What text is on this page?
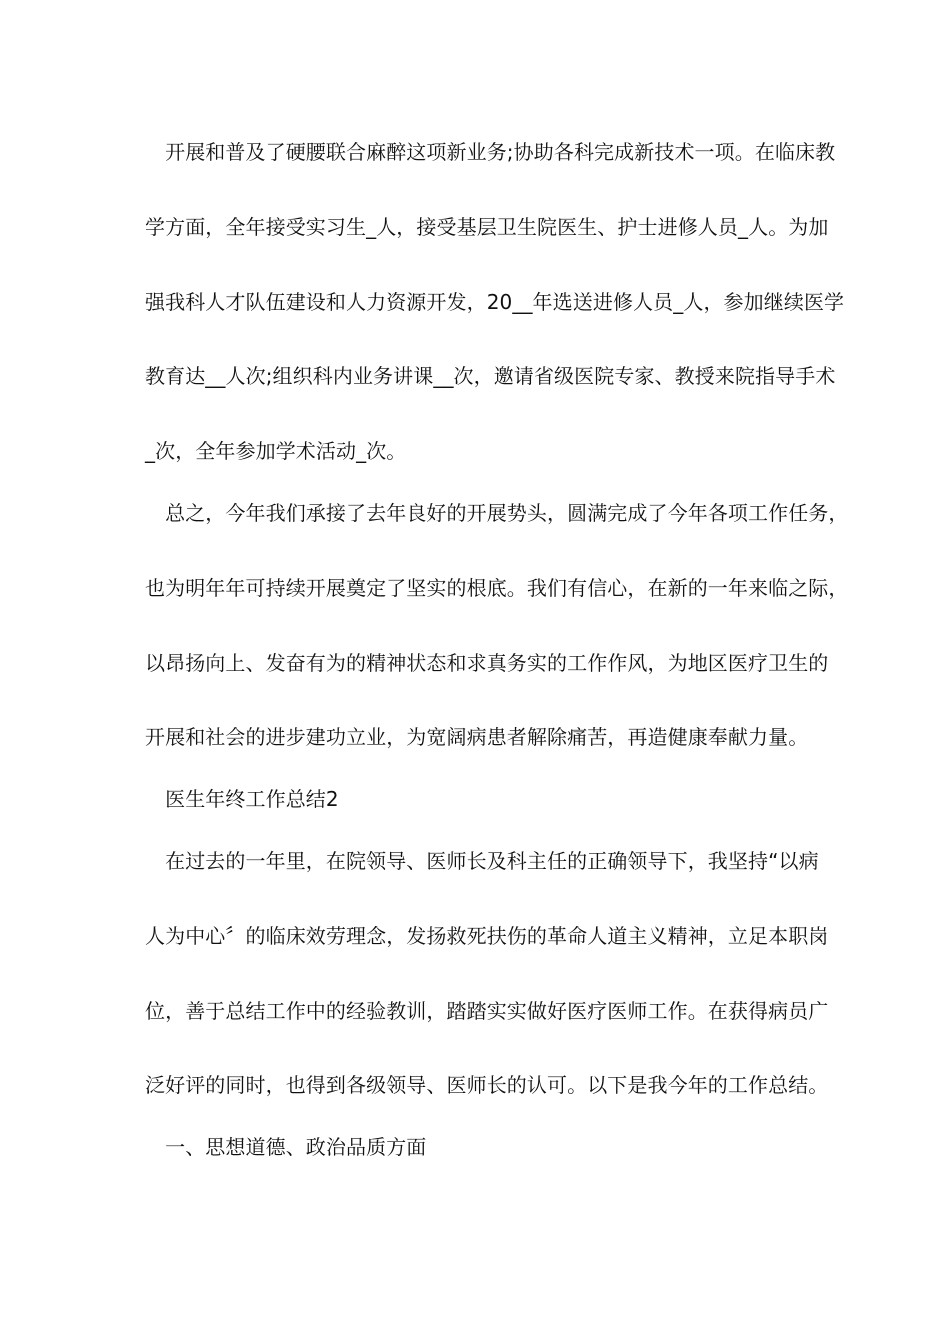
　开展和普及了硬腰联合麻醉这项新业务;协助各科完成新技术一项。在临床教
学方面，全年接受实习生_人，接受基层卫生院医生、护士进修人员_人。为加
强我科人才队伍建设和人力资源开发，20__年选送进修人员_人，参加继续医学
教育达__人次;组织科内业务讲课__次，邀请省级医院专家、教授来院指导手术
_次，全年参加学术活动_次。
　总之，今年我们承接了去年良好的开展势头，圆满完成了今年各项工作任务，
也为明年年可持续开展奠定了坚实的根底。我们有信心，在新的一年来临之际，
以昂扬向上、发奋有为的精神状态和求真务实的工作作风，为地区医疗卫生的
开展和社会的进步建功立业，为宽阔病患者解除痛苦，再造健康奉献力量。
　医生年终工作总结2
　在过去的一年里，在院领导、医师长及科主任的正确领导下，我坚持“以病
人为中心〞的临床效劳理念，发扬救死扶伤的革命人道主义精神，立足本职岗
位，善于总结工作中的经验教训，踏踏实实做好医疗医师工作。在获得病员广
泛好评的同时，也得到各级领导、医师长的认可。以下是我今年的工作总结。
　一、思想道德、政治品质方面
